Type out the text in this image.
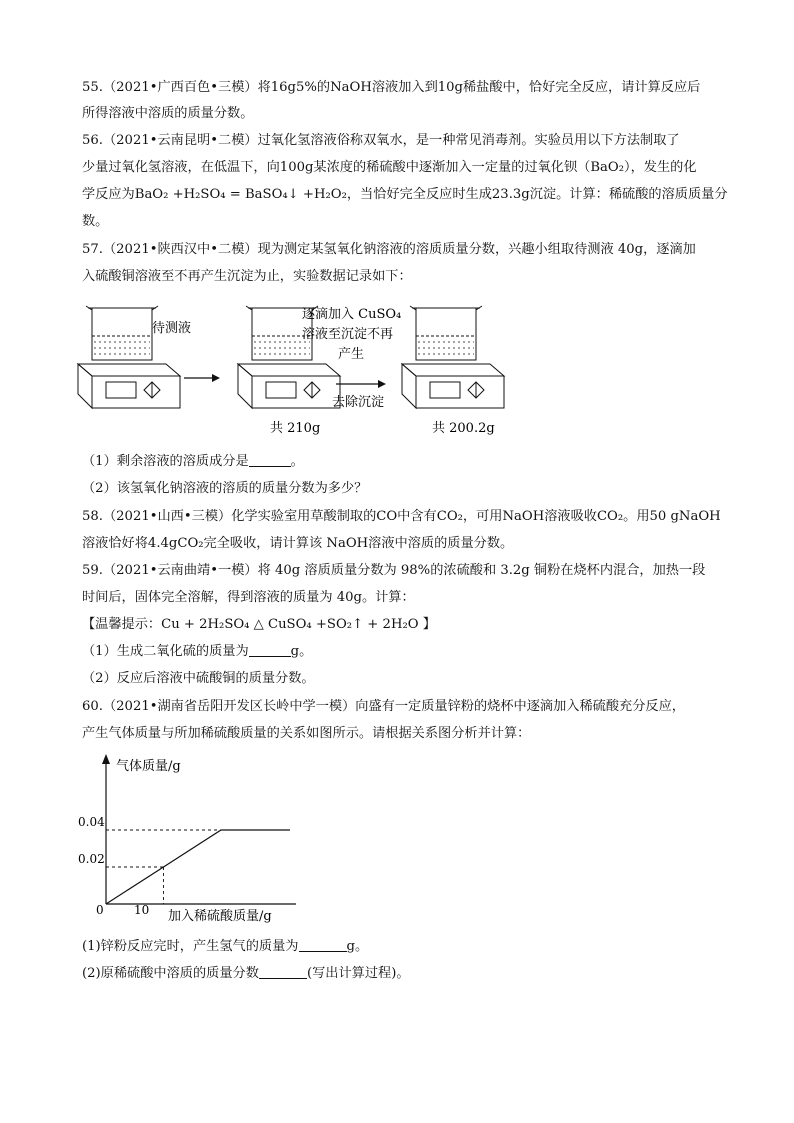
55.（2021•广西百色•三模）将16g5%的NaOH溶液加入到10g稀盐酸中，恰好完全反应，请计算反应后
所得溶液中溶质的质量分数。
56.（2021•云南昆明•二模）过氧化氢溶液俗称双氧水，是一种常见消毒剂。实验员用以下方法制取了
少量过氧化氢溶液，在低温下，向100g某浓度的稀硫酸中逐渐加入一定量的过氧化钡（BaO₂），发生的化
学反应为BaO₂ +H₂SO₄ = BaSO₄↓ +H₂O₂，当恰好完全反应时生成23.3g沉淀。计算：稀硫酸的溶质质量分
数。
57.（2021•陕西汉中•二模）现为测定某氢氧化钠溶液的溶质质量分数，兴趣小组取待测液 40g，逐滴加
入硫酸铜溶液至不再产生沉淀为止，实验数据记录如下：
待测液
逐滴加入 CuSO₄
溶液至沉淀不再
产生
去除沉淀
共 210g	共 200.2g
（1）剩余溶液的溶质成分是	。
（2）该氢氧化钠溶液的溶质的质量分数为多少？
58.（2021•山西•三模）化学实验室用草酸制取的CO中含有CO₂，可用NaOH溶液吸收CO₂。用50 gNaOH
溶液恰好将4.4gCO₂完全吸收，请计算该 NaOH溶液中溶质的质量分数。
59.（2021•云南曲靖•一模）将 40g 溶质质量分数为 98%的浓硫酸和 3.2g 铜粉在烧杯内混合，加热一段
时间后，固体完全溶解，得到溶液的质量为 40g。计算：
【温馨提示：Cu + 2H₂SO₄ △ CuSO₄ +SO₂↑ + 2H₂O 】
（1）生成二氧化硫的质量为	g。
（2）反应后溶液中硫酸铜的质量分数。
60.（2021•湖南省岳阳开发区长岭中学一模）向盛有一定质量锌粉的烧杯中逐滴加入稀硫酸充分反应，
产生气体质量与所加稀硫酸质量的关系如图所示。请根据关系图分析并计算：
气体质量/g
加入稀硫酸质量/g
0	10
0.04
0.02
(1)锌粉反应完时，产生氢气的质量为	g。
(2)原稀硫酸中溶质的质量分数	(写出计算过程)。
